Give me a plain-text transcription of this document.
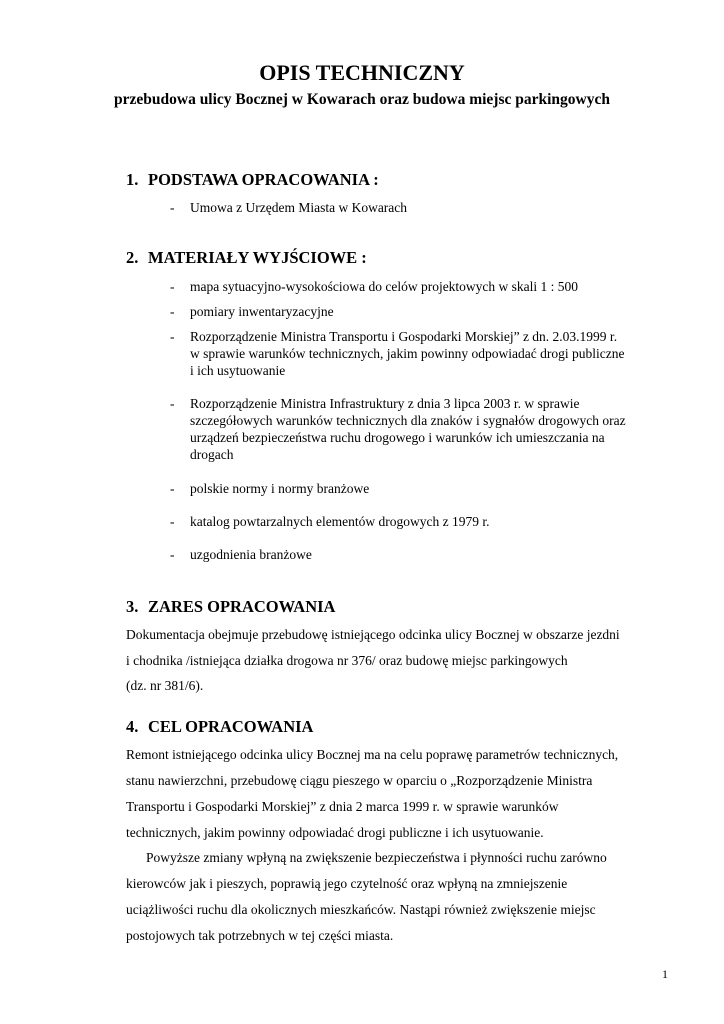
OPIS TECHNICZNY
przebudowa ulicy Bocznej w Kowarach oraz budowa miejsc parkingowych
1. PODSTAWA OPRACOWANIA :
- Umowa z Urzędem Miasta w Kowarach
2. MATERIAŁY WYJŚCIOWE :
- mapa sytuacyjno-wysokościowa do celów projektowych w skali 1 : 500
- pomiary inwentaryzacyjne
- Rozporządzenie Ministra Transportu i Gospodarki Morskiej” z dn. 2.03.1999 r.
w sprawie warunków technicznych, jakim powinny odpowiadać drogi publiczne
i ich usytuowanie
- Rozporządzenie Ministra Infrastruktury z dnia 3 lipca 2003 r. w sprawie
szczegółowych warunków technicznych dla znaków i sygnałów drogowych oraz
urządzeń bezpieczeństwa ruchu drogowego i warunków ich umieszczania na
drogach
- polskie normy i normy branżowe
- katalog powtarzalnych elementów drogowych z 1979 r.
- uzgodnienia branżowe
3. ZARES OPRACOWANIA
Dokumentacja obejmuje przebudowę istniejącego odcinka ulicy Bocznej w obszarze jezdni
i chodnika /istniejąca działka drogowa nr 376/ oraz budowę miejsc parkingowych
(dz. nr 381/6).
4. CEL OPRACOWANIA
Remont istniejącego odcinka ulicy Bocznej ma na celu poprawę parametrów technicznych,
stanu nawierzchni, przebudowę ciągu pieszego w oparciu o „Rozporządzenie Ministra
Transportu i Gospodarki Morskiej” z dnia 2 marca 1999 r. w sprawie warunków
technicznych, jakim powinny odpowiadać drogi publiczne i ich usytuowanie.
Powyższe zmiany wpłyną na zwiększenie bezpieczeństwa i płynności ruchu zarówno
kierowców jak i pieszych, poprawią jego czytelność oraz wpłyną na zmniejszenie
uciążliwości ruchu dla okolicznych mieszkańców. Nastąpi również zwiększenie miejsc
postojowych tak potrzebnych w tej części miasta.
1
